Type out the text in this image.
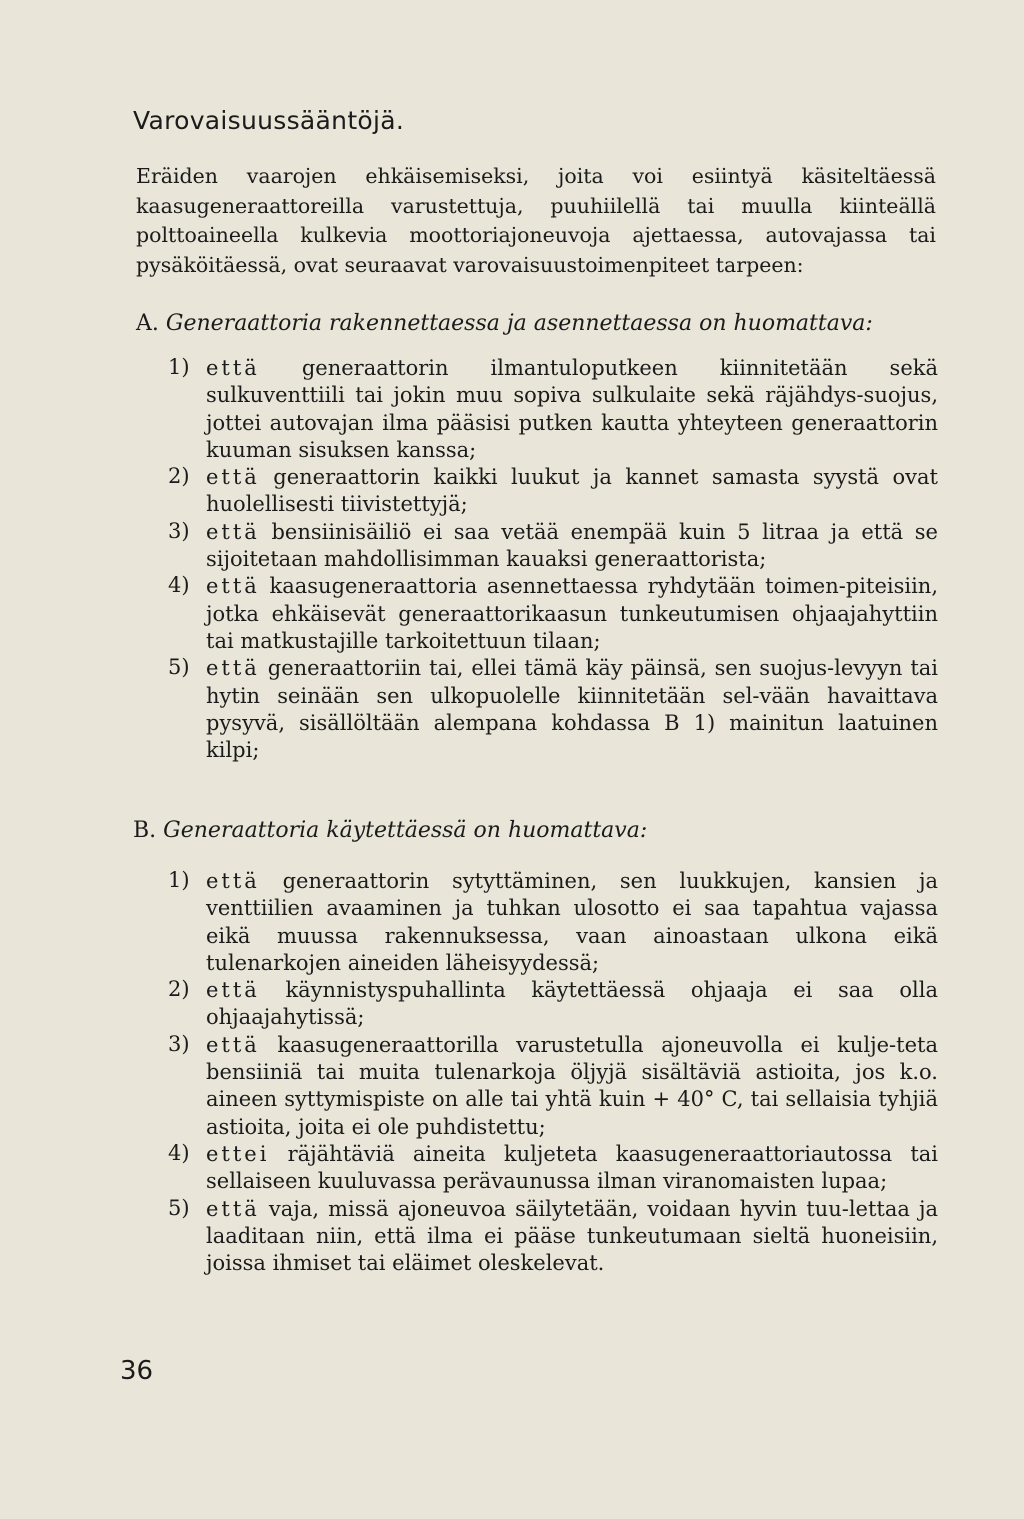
Varovaisuussääntöjä.

Eräiden vaarojen ehkäisemiseksi, joita voi esiintyä käsiteltäessä kaasugeneraattoreilla varustettuja, puuhiilellä tai muulla kiinteällä polttoaineella kulkevia moottoriajoneuvoja ajettaessa, autovajassa tai pysäköitäessä, ovat seuraavat varovaisuustoimenpiteet tarpeen:

A. Generaattoria rakennettaessa ja asennettaessa on huomattava:

1) että generaattorin ilmantuloputkeen kiinnitetään sekä sulkuventtiili tai jokin muu sopiva sulkulaite sekä räjähdys-suojus, jottei autovajan ilma pääsisi putken kautta yhteyteen generaattorin kuuman sisuksen kanssa;
2) että generaattorin kaikki luukut ja kannet samasta syystä ovat huolellisesti tiivistettyjä;
3) että bensiinisäiliö ei saa vetää enempää kuin 5 litraa ja että se sijoitetaan mahdollisimman kauaksi generaattorista;
4) että kaasugeneraattoria asennettaessa ryhdytään toimen-piteisiin, jotka ehkäisevät generaattorikaasun tunkeutumisen ohjaajahyttiin tai matkustajille tarkoitettuun tilaan;
5) että generaattoriin tai, ellei tämä käy päinsä, sen suojus-levyyn tai hytin seinään sen ulkopuolelle kiinnitetään sel-vään havaittava pysyvä, sisällöltään alempana kohdassa B 1) mainitun laatuinen kilpi;

B. Generaattoria käytettäessä on huomattava:

1) että generaattorin sytyttäminen, sen luukkujen, kansien ja venttiilien avaaminen ja tuhkan ulosotto ei saa tapahtua vajassa eikä muussa rakennuksessa, vaan ainoastaan ulkona eikä tulenarkojen aineiden läheisyydessä;
2) että käynnistyspuhallinta käytettäessä ohjaaja ei saa olla ohjaajahytissä;
3) että kaasugeneraattorilla varustetulla ajoneuvolla ei kulje-teta bensiiniä tai muita tulenarkoja öljyjä sisältäviä astioita, jos k.o. aineen syttymispiste on alle tai yhtä kuin + 40° C, tai sellaisia tyhjiä astioita, joita ei ole puhdistettu;
4) ettei räjähtäviä aineita kuljeteta kaasugeneraattoriautossa tai sellaiseen kuuluvassa perävaunussa ilman viranomaisten lupaa;
5) että vaja, missä ajoneuvoa säilytetään, voidaan hyvin tuu-lettaa ja laaditaan niin, että ilma ei pääse tunkeutumaan sieltä huoneisiin, joissa ihmiset tai eläimet oleskelevat.
36
